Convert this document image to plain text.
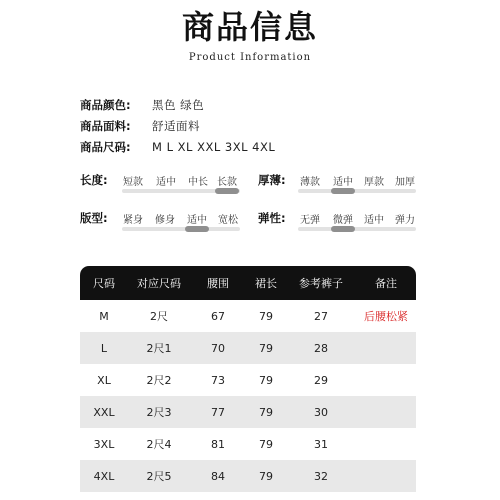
商品信息
Product Information
商品颜色:	黑色 绿色
商品面料:	舒适面料
商品尺码:	M L XL XXL 3XL 4XL
长度: 短款 适中 中长 长款 厚薄: 薄款 适中 厚款 加厚
版型: 紧身 修身 适中 宽松 弹性: 无弹 微弹 适中 弹力
尺码	对应尺码	腰围	裙长	参考裤子	备注
M	2尺	67	79	27	后腰松紧
L	2尺1	70	79	28
XL	2尺2	73	79	29
XXL	2尺3	77	79	30
3XL	2尺4	81	79	31
4XL	2尺5	84	79	32
